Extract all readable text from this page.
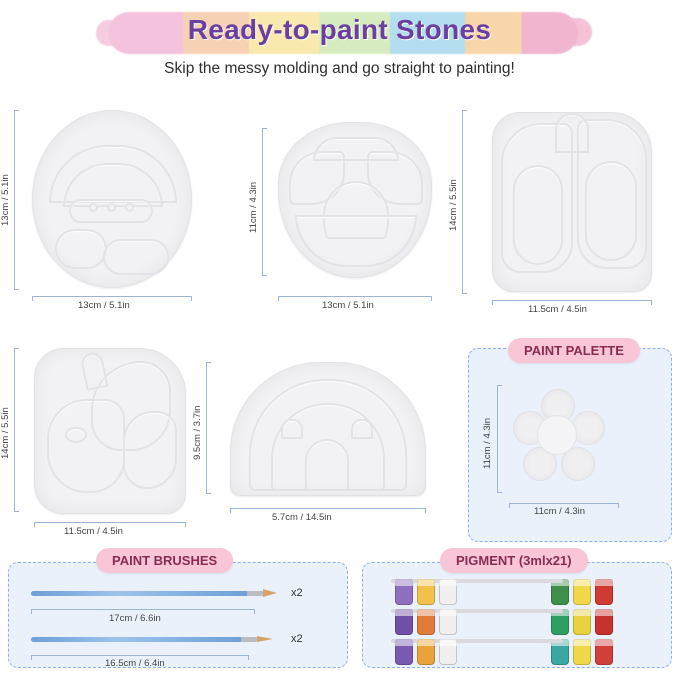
Ready-to-paint Stones
Skip the messy molding and go straight to painting!
13cm / 5.1in
13cm / 5.1in
11cm / 4.3in
13cm / 5.1in
14cm / 5.5in
11.5cm / 4.5in
14cm / 5.5in
11.5cm / 4.5in
9.5cm / 3.7in
5.7cm / 14.5in
PAINT PALETTE
11cm / 4.3in
11cm / 4.3in
x2
17cm / 6.6in
x2
16.5cm / 6.4in
PAINT BRUSHES	PIGMENT (3mlx21)
